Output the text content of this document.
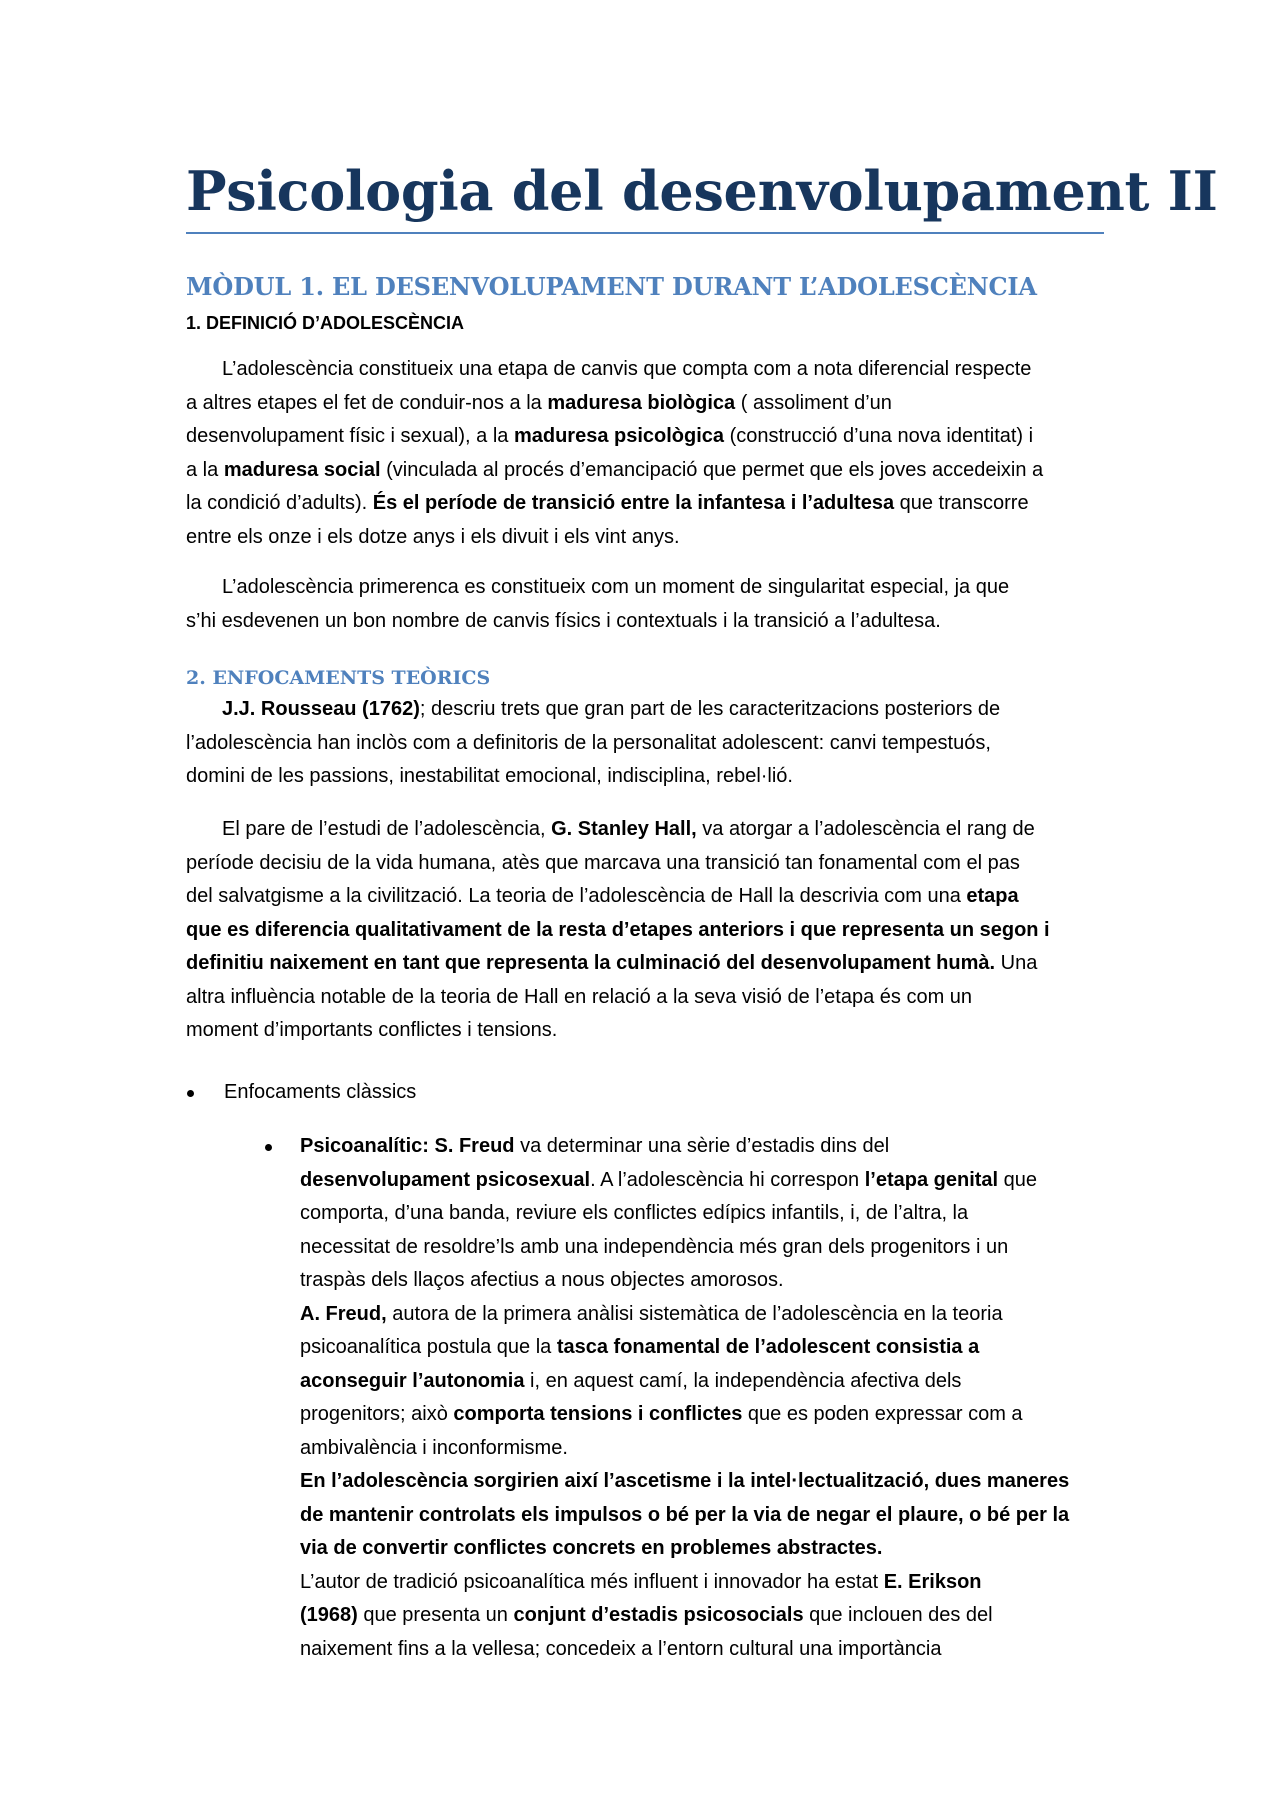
Psicologia del desenvolupament II
MÒDUL 1. EL DESENVOLUPAMENT DURANT L’ADOLESCÈNCIA
1. DEFINICIÓ D’ADOLESCÈNCIA
L’adolescència constitueix una etapa de canvis que compta com a nota diferencial respecte
a altres etapes el fet de conduir-nos a la maduresa biològica ( assoliment d’un
desenvolupament físic i sexual), a la maduresa psicològica (construcció d’una nova identitat) i
a la maduresa social (vinculada al procés d’emancipació que permet que els joves accedeixin a
la condició d’adults). És el període de transició entre la infantesa i l’adultesa que transcorre
entre els onze i els dotze anys i els divuit i els vint anys.
L’adolescència primerenca es constitueix com un moment de singularitat especial, ja que
s’hi esdevenen un bon nombre de canvis físics i contextuals i la transició a l’adultesa.
2. ENFOCAMENTS TEÒRICS
J.J. Rousseau (1762); descriu trets que gran part de les caracteritzacions posteriors de
l’adolescència han inclòs com a definitoris de la personalitat adolescent: canvi tempestuós,
domini de les passions, inestabilitat emocional, indisciplina, rebel·lió.
El pare de l’estudi de l’adolescència, G. Stanley Hall, va atorgar a l’adolescència el rang de
període decisiu de la vida humana, atès que marcava una transició tan fonamental com el pas
del salvatgisme a la civilització. La teoria de l’adolescència de Hall la descrivia com una etapa
que es diferencia qualitativament de la resta d’etapes anteriors i que representa un segon i
definitiu naixement en tant que representa la culminació del desenvolupament humà. Una
altra influència notable de la teoria de Hall en relació a la seva visió de l’etapa és com un
moment d’importants conflictes i tensions.
Enfocaments clàssics
Psicoanalític: S. Freud va determinar una sèrie d’estadis dins del
desenvolupament psicosexual. A l’adolescència hi correspon l’etapa genital que
comporta, d’una banda, reviure els conflictes edípics infantils, i, de l’altra, la
necessitat de resoldre’ls amb una independència més gran dels progenitors i un
traspàs dels llaços afectius a nous objectes amorosos.
A. Freud, autora de la primera anàlisi sistemàtica de l’adolescència en la teoria
psicoanalítica postula que la tasca fonamental de l’adolescent consistia a
aconseguir l’autonomia i, en aquest camí, la independència afectiva dels
progenitors; això comporta tensions i conflictes que es poden expressar com a
ambivalència i inconformisme.
En l’adolescència sorgirien així l’ascetisme i la intel·lectualització, dues maneres
de mantenir controlats els impulsos o bé per la via de negar el plaure, o bé per la
via de convertir conflictes concrets en problemes abstractes.
L’autor de tradició psicoanalítica més influent i innovador ha estat E. Erikson
(1968) que presenta un conjunt d’estadis psicosocials que inclouen des del
naixement fins a la vellesa; concedeix a l’entorn cultural una importància
